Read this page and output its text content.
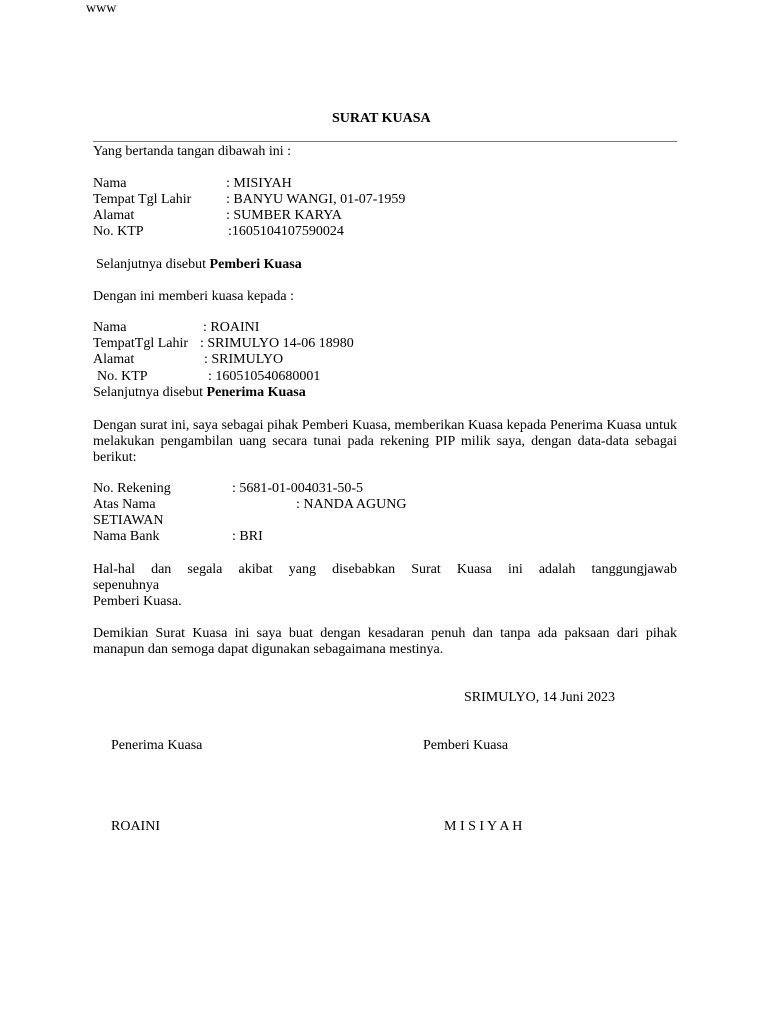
www
SURAT KUASA
Yang bertanda tangan dibawah ini :
Nama	: MISIYAH
Tempat Tgl Lahir : BANYU WANGI, 01-07-1959
Alamat	: SUMBER KARYA
No. KTP	:1605104107590024
Selanjutnya disebut Pemberi Kuasa
Dengan ini memberi kuasa kepada :
Nama	: ROAINI
TempatTgl Lahir : SRIMULYO 14-06 18980
Alamat	: SRIMULYO
No. KTP	: 160510540680001
Selanjutnya disebut Penerima Kuasa
Dengan surat ini, saya sebagai pihak Pemberi Kuasa, memberikan Kuasa kepada Penerima Kuasa untuk melakukan pengambilan uang secara tunai pada rekening PIP milik saya, dengan data-data sebagai berikut:
No. Rekening	: 5681-01-004031-50-5
Atas Nama	: NANDA AGUNG
SETIAWAN
Nama Bank	: BRI
Hal-hal dan segala akibat yang disebabkan Surat Kuasa ini adalah tanggungjawab
sepenuhnya
Pemberi Kuasa.
Demikian Surat Kuasa ini saya buat dengan kesadaran penuh dan tanpa ada paksaan dari pihak manapun dan semoga dapat digunakan sebagaimana mestinya.
SRIMULYO, 14 Juni 2023
Penerima Kuasa	Pemberi Kuasa
ROAINI	M I S I Y A H
